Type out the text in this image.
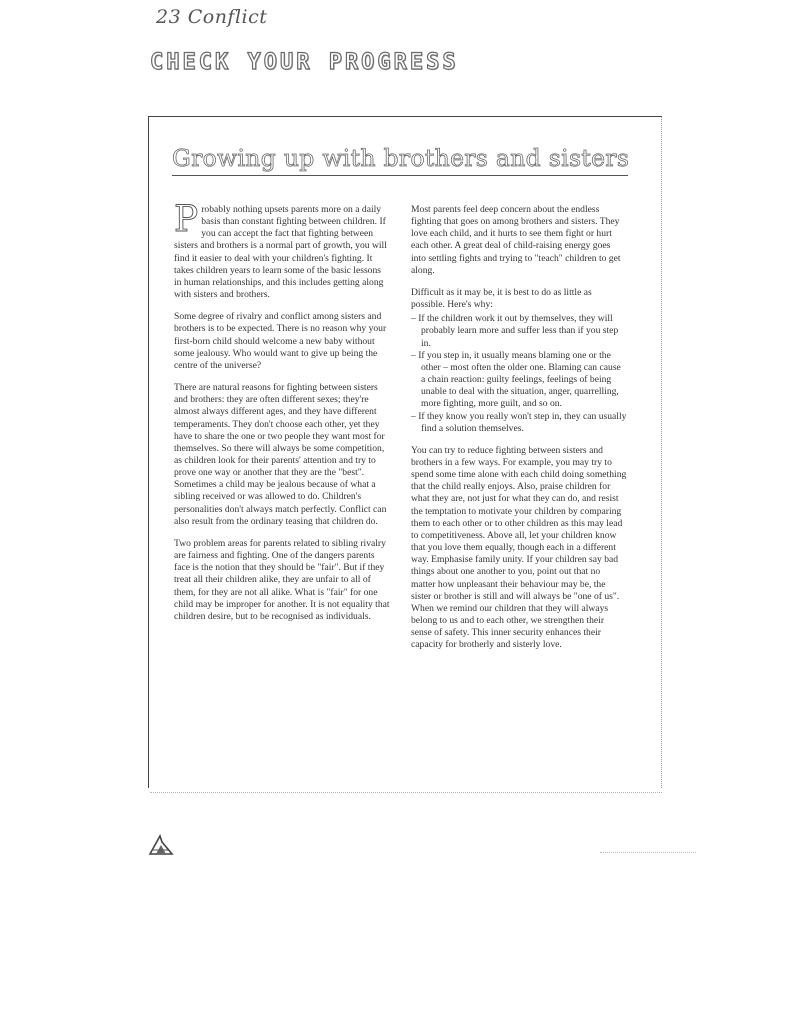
23 Conflict
CHECK YOUR PROGRESS
Growing up with brothers and sisters

Probably nothing upsets parents more on a daily basis than constant fighting between children. If you can accept the fact that fighting between sisters and brothers is a normal part of growth, you will find it easier to deal with your children's fighting. It takes children years to learn some of the basic lessons in human relationships, and this includes getting along with sisters and brothers.

Some degree of rivalry and conflict among sisters and brothers is to be expected. There is no reason why your first-born child should welcome a new baby without some jealousy. Who would want to give up being the centre of the universe?

There are natural reasons for fighting between sisters and brothers: they are often different sexes; they're almost always different ages, and they have different temperaments. They don't choose each other, yet they have to share the one or two people they want most for themselves. So there will always be some competition, as children look for their parents' attention and try to prove one way or another that they are the "best". Sometimes a child may be jealous because of what a sibling received or was allowed to do. Children's personalities don't always match perfectly. Conflict can also result from the ordinary teasing that children do.

Two problem areas for parents related to sibling rivalry are fairness and fighting. One of the dangers parents face is the notion that they should be "fair". But if they treat all their children alike, they are unfair to all of them, for they are not all alike. What is "fair" for one child may be improper for another. It is not equality that children desire, but to be recognised as individuals.

Most parents feel deep concern about the endless fighting that goes on among brothers and sisters. They love each child, and it hurts to see them fight or hurt each other. A great deal of child-raising energy goes into settling fights and trying to "teach" children to get along.

Difficult as it may be, it is best to do as little as possible. Here's why:

– If the children work it out by themselves, they will probably learn more and suffer less than if you step in.
– If you step in, it usually means blaming one or the other – most often the older one. Blaming can cause a chain reaction: guilty feelings, feelings of being unable to deal with the situation, anger, quarrelling, more fighting, more guilt, and so on.
– If they know you really won't step in, they can usually find a solution themselves.

You can try to reduce fighting between sisters and brothers in a few ways. For example, you may try to spend some time alone with each child doing something that the child really enjoys. Also, praise children for what they are, not just for what they can do, and resist the temptation to motivate your children by comparing them to each other or to other children as this may lead to competitiveness. Above all, let your children know that you love them equally, though each in a different way. Emphasise family unity. If your children say bad things about one another to you, point out that no matter how unpleasant their behaviour may be, the sister or brother is still and will always be "one of us". When we remind our children that they will always belong to us and to each other, we strengthen their sense of safety. This inner security enhances their capacity for brotherly and sisterly love.
